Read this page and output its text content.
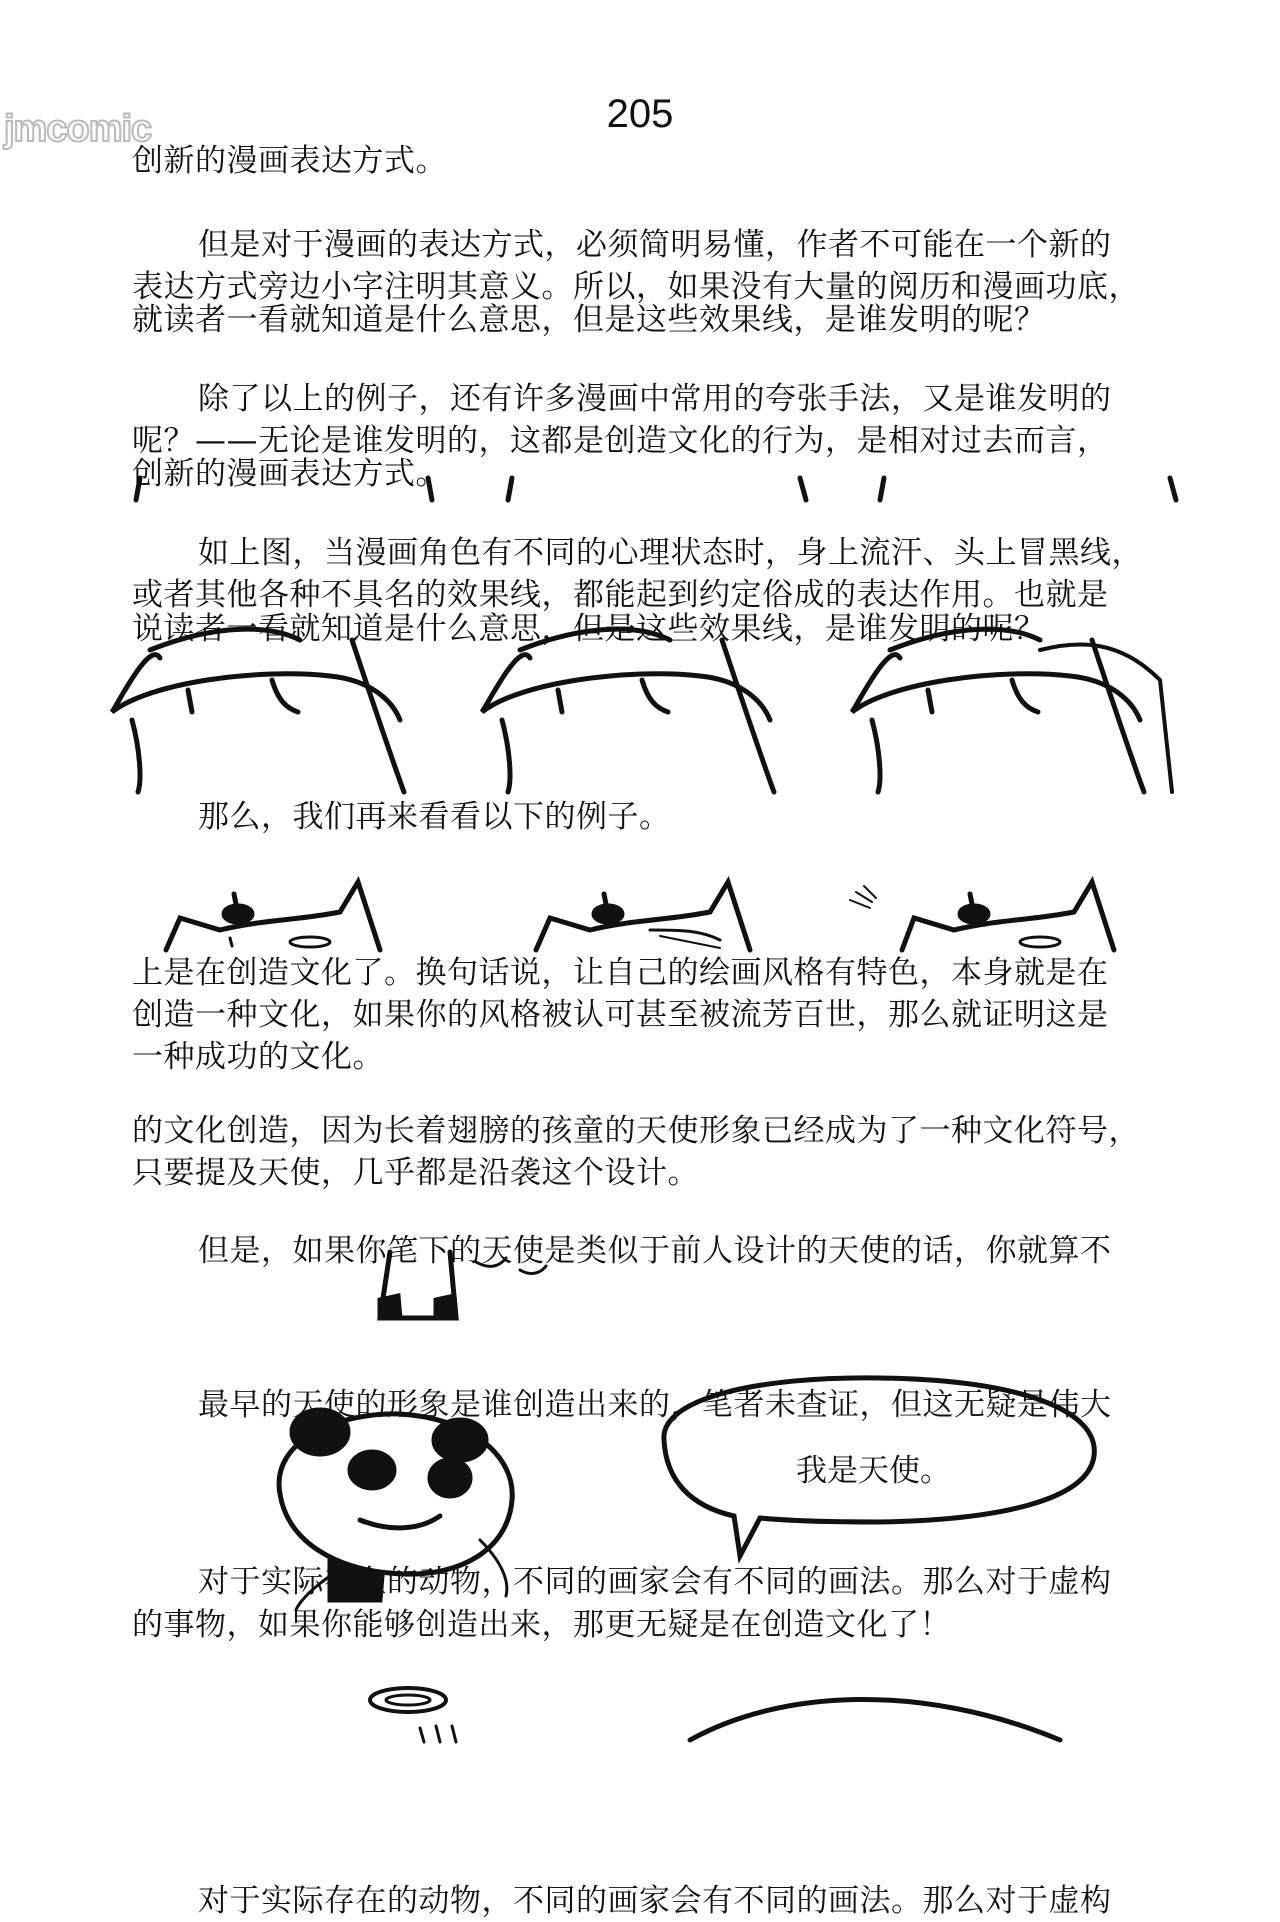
jmcomic	205
创新的漫画表达方式。
但是对于漫画的表达方式，必须简明易懂，作者不可能在一个新的
表达方式旁边小字注明其意义。所以，如果没有大量的阅历和漫画功底，
就读者一看就知道是什么意思，但是这些效果线，是谁发明的呢？
除了以上的例子，还有许多漫画中常用的夸张手法，又是谁发明的
呢？——无论是谁发明的，这都是创造文化的行为，是相对过去而言，
创新的漫画表达方式。
如上图，当漫画角色有不同的心理状态时，身上流汗、头上冒黑线，
或者其他各种不具名的效果线，都能起到约定俗成的表达作用。也就是
说读者一看就知道是什么意思，但是这些效果线，是谁发明的呢？
那么，我们再来看看以下的例子。
上是在创造文化了。换句话说，让自己的绘画风格有特色，本身就是在
创造一种文化，如果你的风格被认可甚至被流芳百世，那么就证明这是
一种成功的文化。
的文化创造，因为长着翅膀的孩童的天使形象已经成为了一种文化符号，
只要提及天使，几乎都是沿袭这个设计。
但是，如果你笔下的天使是类似于前人设计的天使的话，你就算不
最早的天使的形象是谁创造出来的，笔者未查证，但这无疑是伟大
我是天使。
对于实际存在的动物，不同的画家会有不同的画法。那么对于虚构
的事物，如果你能够创造出来，那更无疑是在创造文化了！
对于实际存在的动物，不同的画家会有不同的画法。那么对于虚构
